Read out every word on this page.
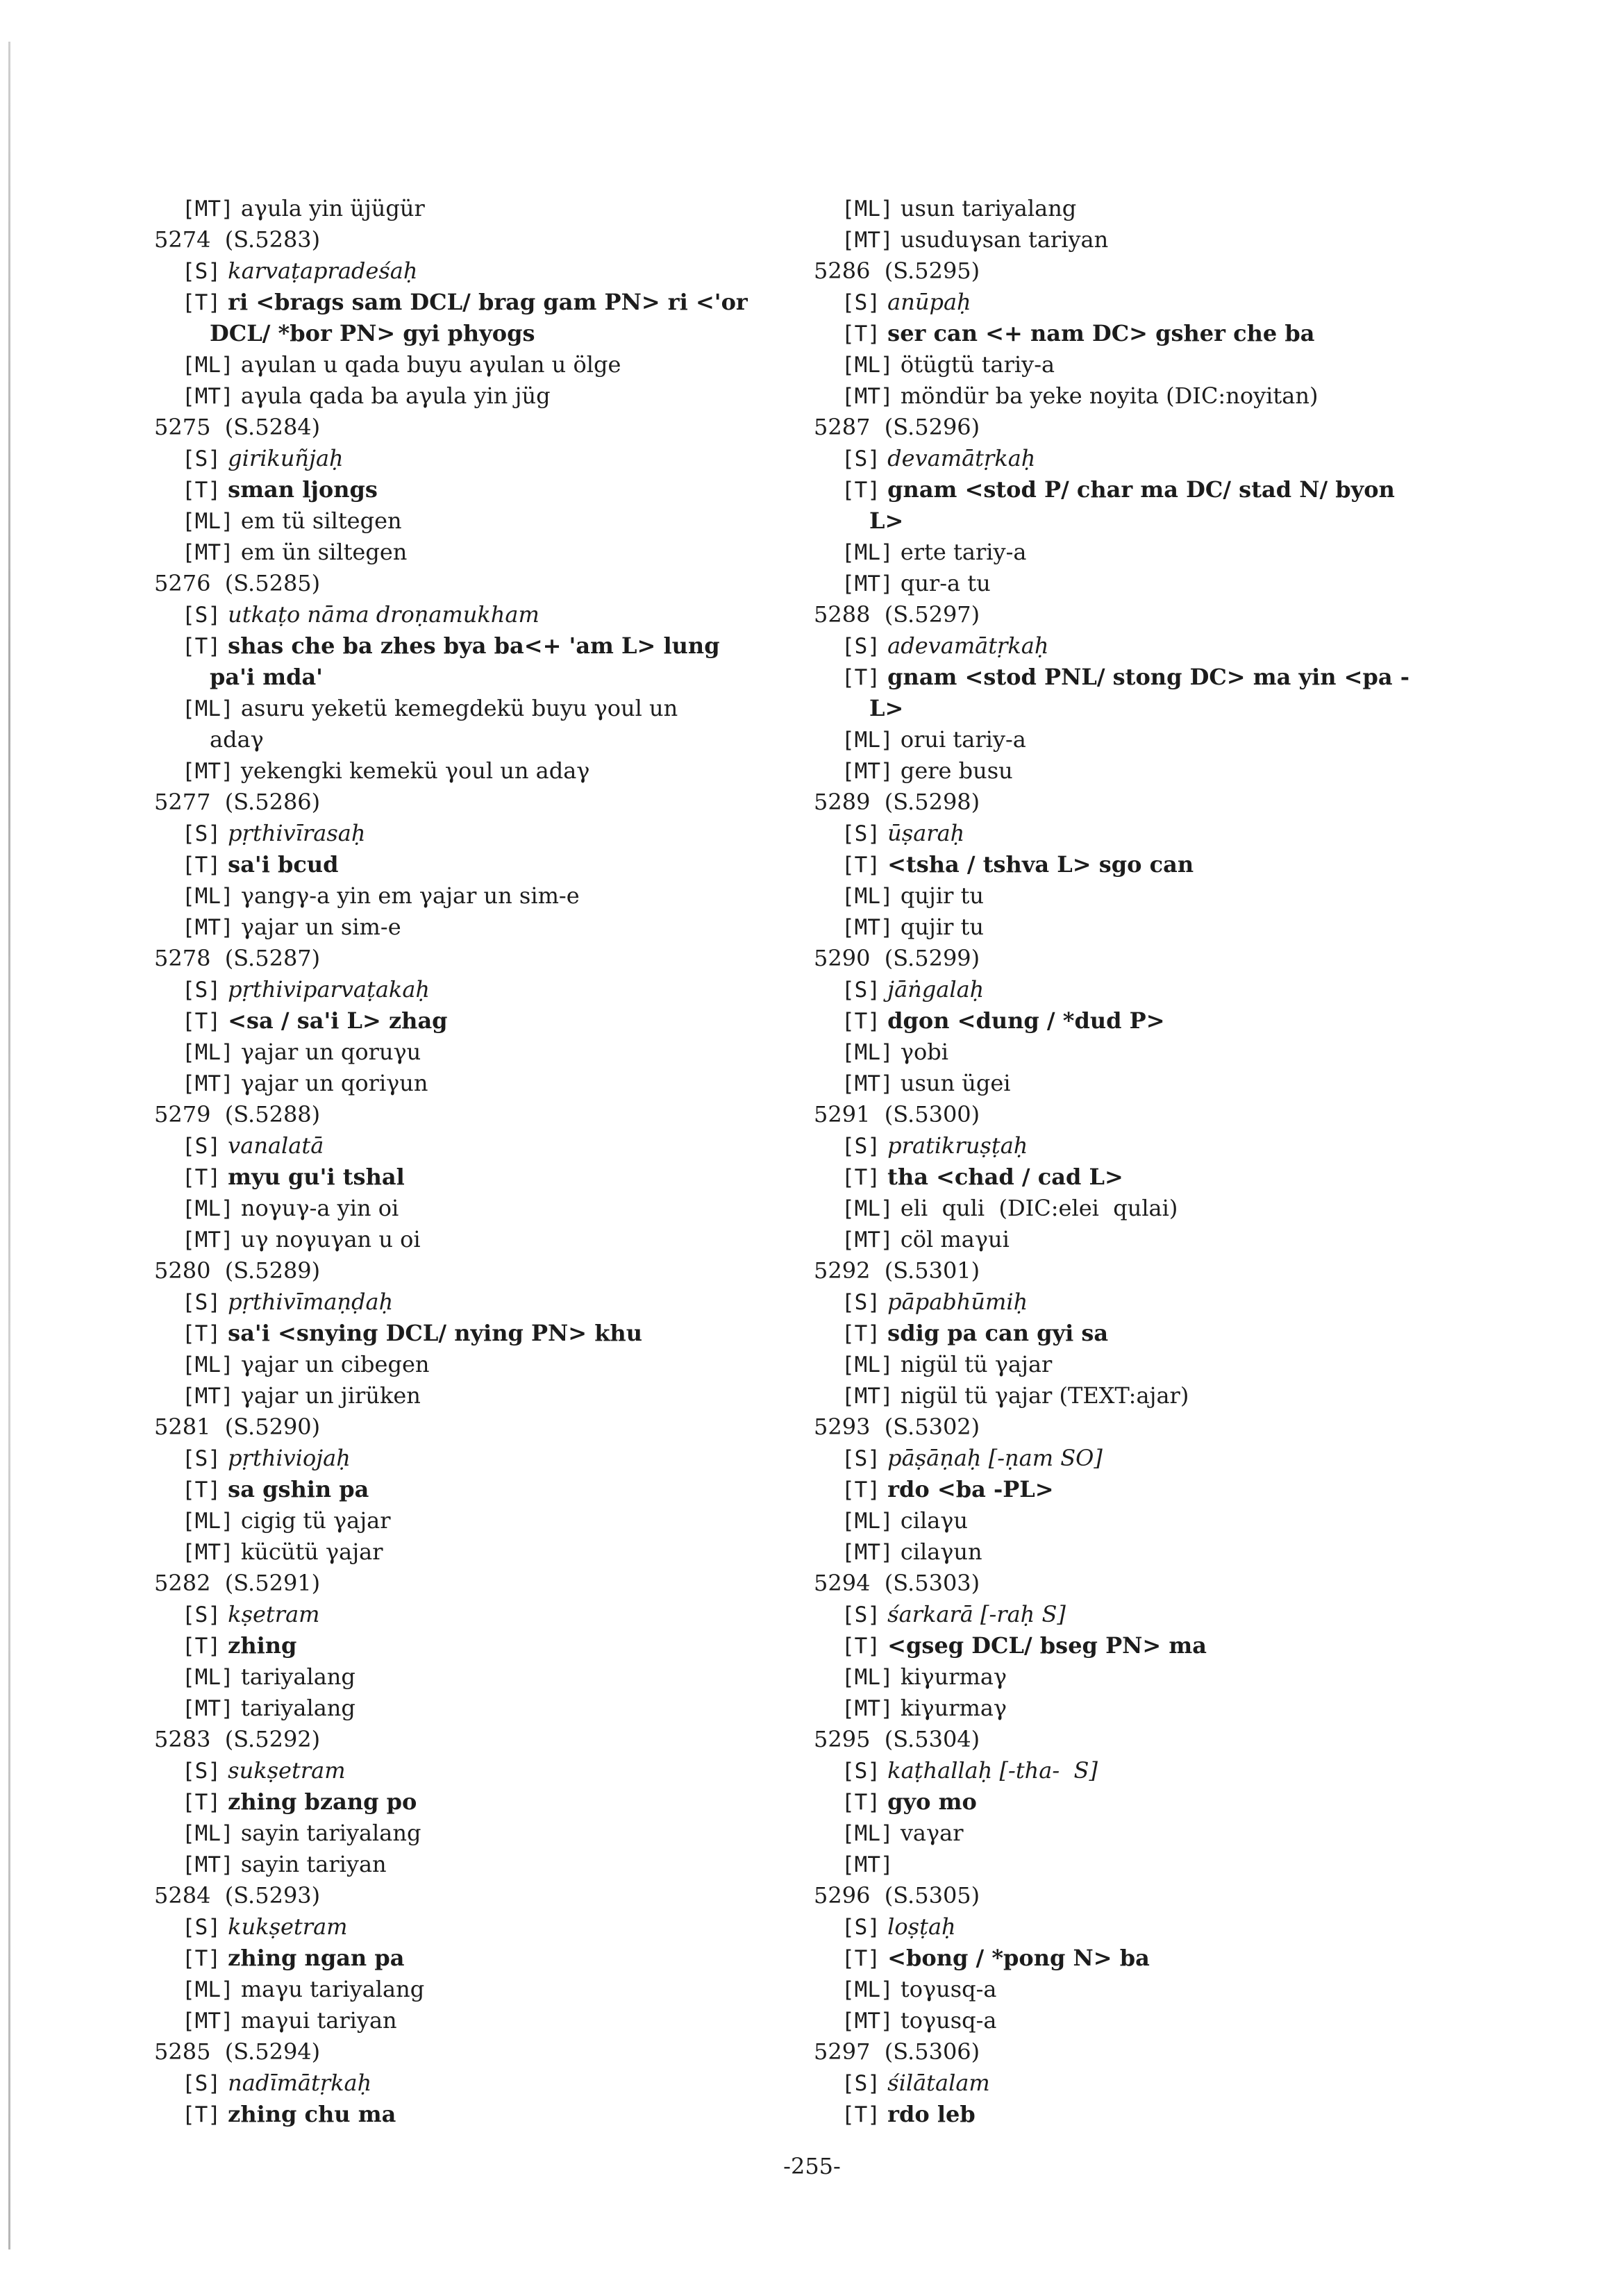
[MT] aγula yin üjügür
5274  (S.5283)
[S] karvaṭapradeśaḥ
[T] ri <brags sam DCL/ brag gam PN> ri <'or
DCL/ *bor PN> gyi phyogs
[ML] aγulan u qada buyu aγulan u ölge
[MT] aγula qada ba aγula yin jüg
5275  (S.5284)
[S] girikuñjaḥ
[T] sman ljongs
[ML] em tü siltegen
[MT] em ün siltegen
5276  (S.5285)
[S] utkaṭo nāma droṇamukham
[T] shas che ba zhes bya ba<+ 'am L> lung
pa'i mda'
[ML] asuru yeketü kemegdekü buyu γoul un
adaγ
[MT] yekengki kemekü γoul un adaγ
5277  (S.5286)
[S] pṛthivīrasaḥ
[T] sa'i bcud
[ML] γangγ-a yin em γajar un sim-e
[MT] γajar un sim-e
5278  (S.5287)
[S] pṛthiviparvaṭakaḥ
[T] <sa / sa'i L> zhag
[ML] γajar un qoruγu
[MT] γajar un qoriγun
5279  (S.5288)
[S] vanalatā
[T] myu gu'i tshal
[ML] noγuγ-a yin oi
[MT] uγ noγuγan u oi
5280  (S.5289)
[S] pṛthivīmaṇḍaḥ
[T] sa'i <snying DCL/ nying PN> khu
[ML] γajar un cibegen
[MT] γajar un jirüken
5281  (S.5290)
[S] pṛthiviojaḥ
[T] sa gshin pa
[ML] cigig tü γajar
[MT] kücütü γajar
5282  (S.5291)
[S] kṣetram
[T] zhing
[ML] tariyalang
[MT] tariyalang
5283  (S.5292)
[S] sukṣetram
[T] zhing bzang po
[ML] sayin tariyalang
[MT] sayin tariyan
5284  (S.5293)
[S] kukṣetram
[T] zhing ngan pa
[ML] maγu tariyalang
[MT] maγui tariyan
5285  (S.5294)
[S] nadīmātṛkaḥ
[T] zhing chu ma
[ML] usun tariyalang
[MT] usuduγsan tariyan
5286  (S.5295)
[S] anūpaḥ
[T] ser can <+ nam DC> gsher che ba
[ML] ötügtü tariy-a
[MT] möndür ba yeke noyita (DIC:noyitan)
5287  (S.5296)
[S] devamātṛkaḥ
[T] gnam <stod P/ char ma DC/ stad N/ byon
L>
[ML] erte tariy-a
[MT] qur-a tu
5288  (S.5297)
[S] adevamātṛkaḥ
[T] gnam <stod PNL/ stong DC> ma yin <pa -
L>
[ML] orui tariy-a
[MT] gere busu
5289  (S.5298)
[S] ūṣaraḥ
[T] <tsha / tshva L> sgo can
[ML] qujir tu
[MT] qujir tu
5290  (S.5299)
[S] jāṅgalaḥ
[T] dgon <dung / *dud P>
[ML] γobi
[MT] usun ügei
5291  (S.5300)
[S] pratikruṣṭaḥ
[T] tha <chad / cad L>
[ML] eli  quli  (DIC:elei  qulai)
[MT] cöl maγui
5292  (S.5301)
[S] pāpabhūmiḥ
[T] sdig pa can gyi sa
[ML] nigül tü γajar
[MT] nigül tü γajar (TEXT:ajar)
5293  (S.5302)
[S] pāṣāṇaḥ [-ṇam SO]
[T] rdo <ba -PL>
[ML] cilaγu
[MT] cilaγun
5294  (S.5303)
[S] śarkarā [-raḥ S]
[T] <gseg DCL/ bseg PN> ma
[ML] kiγurmaγ
[MT] kiγurmaγ
5295  (S.5304)
[S] kaṭhallaḥ [-tha-  S]
[T] gyo mo
[ML] vaγar
[MT]
5296  (S.5305)
[S] loṣṭaḥ
[T] <bong / *pong N> ba
[ML] toγusq-a
[MT] toγusq-a
5297  (S.5306)
[S] śilātalam
[T] rdo leb
-255-
